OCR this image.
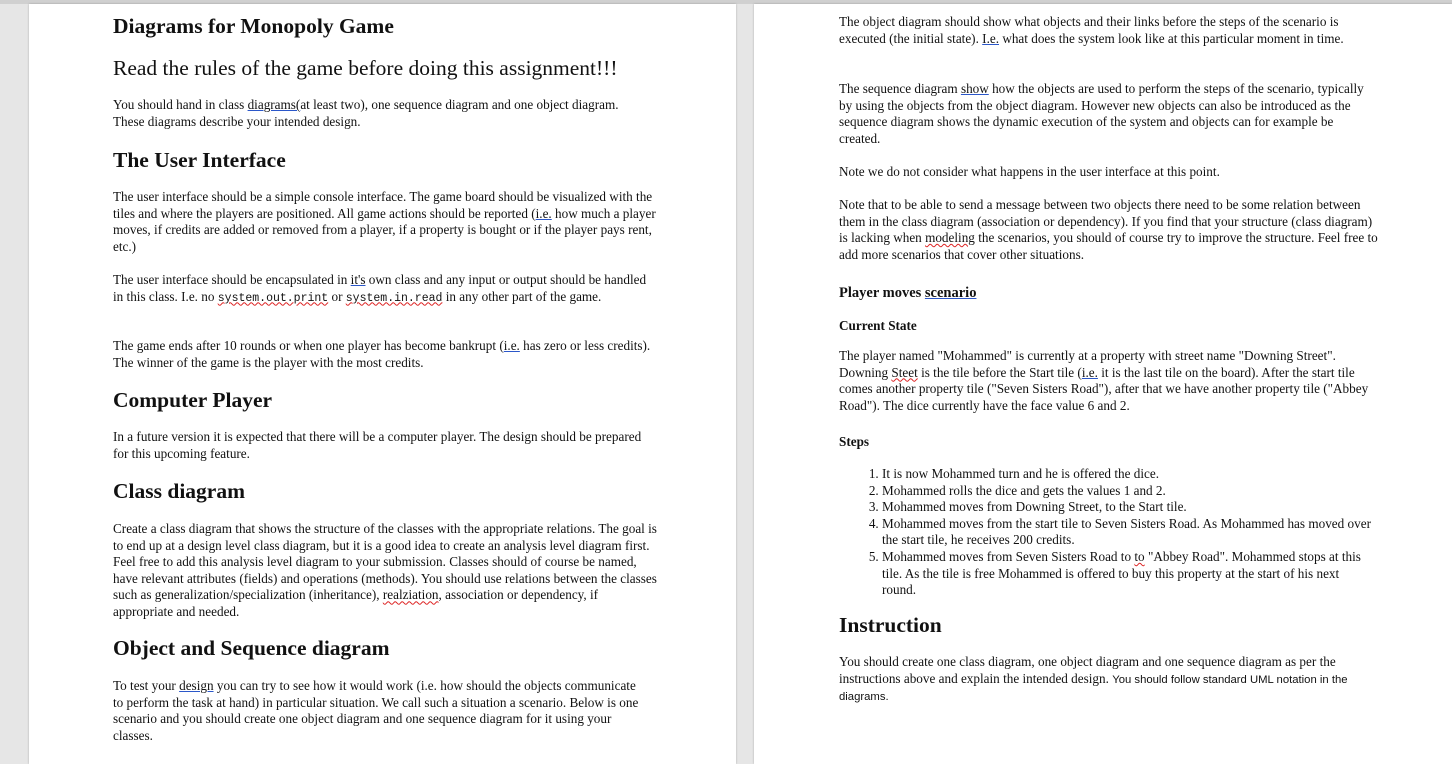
Diagrams for Monopoly Game
Read the rules of the game before doing this assignment!!!

You should hand in class diagrams(at least two), one sequence diagram and one object diagram. These diagrams describe your intended design.

The User Interface

The user interface should be a simple console interface. The game board should be visualized with the tiles and where the players are positioned. All game actions should be reported (i.e. how much a player moves, if credits are added or removed from a player, if a property is bought or if the player pays rent, etc.)

The user interface should be encapsulated in it's own class and any input or output should be handled in this class. I.e. no system.out.print or system.in.read in any other part of the game.

The game ends after 10 rounds or when one player has become bankrupt (i.e. has zero or less credits). The winner of the game is the player with the most credits.

Computer Player

In a future version it is expected that there will be a computer player. The design should be prepared for this upcoming feature.

Class diagram

Create a class diagram that shows the structure of the classes with the appropriate relations. The goal is to end up at a design level class diagram, but it is a good idea to create an analysis level diagram first. Feel free to add this analysis level diagram to your submission. Classes should of course be named, have relevant attributes (fields) and operations (methods). You should use relations between the classes such as generalization/specialization (inheritance), realziation, association or dependency, if appropriate and needed.

Object and Sequence diagram

To test your design you can try to see how it would work (i.e. how should the objects communicate to perform the task at hand) in particular situation. We call such a situation a scenario. Below is one scenario and you should create one object diagram and one sequence diagram for it using your classes.

The object diagram should show what objects and their links before the steps of the scenario is executed (the initial state). I.e. what does the system look like at this particular moment in time.

The sequence diagram show how the objects are used to perform the steps of the scenario, typically by using the objects from the object diagram. However new objects can also be introduced as the sequence diagram shows the dynamic execution of the system and objects can for example be created.

Note we do not consider what happens in the user interface at this point.

Note that to be able to send a message between two objects there need to be some relation between them in the class diagram (association or dependency). If you find that your structure (class diagram) is lacking when modeling the scenarios, you should of course try to improve the structure. Feel free to add more scenarios that cover other situations.

Player moves scenario
Current State

The player named "Mohammed" is currently at a property with street name "Downing Street". Downing Steet is the tile before the Start tile (i.e. it is the last tile on the board). After the start tile comes another property tile ("Seven Sisters Road"), after that we have another property tile ("Abbey Road"). The dice currently have the face value 6 and 2.

Steps
1. It is now Mohammed turn and he is offered the dice.
2. Mohammed rolls the dice and gets the values 1 and 2.
3. Mohammed moves from Downing Street, to the Start tile.
4. Mohammed moves from the start tile to Seven Sisters Road. As Mohammed has moved over the start tile, he receives 200 credits.
5. Mohammed moves from Seven Sisters Road to to "Abbey Road". Mohammed stops at this tile. As the tile is free Mohammed is offered to buy this property at the start of his next round.
Instruction

You should create one class diagram, one object diagram and one sequence diagram as per the instructions above and explain the intended design. You should follow standard UML notation in the diagrams.
